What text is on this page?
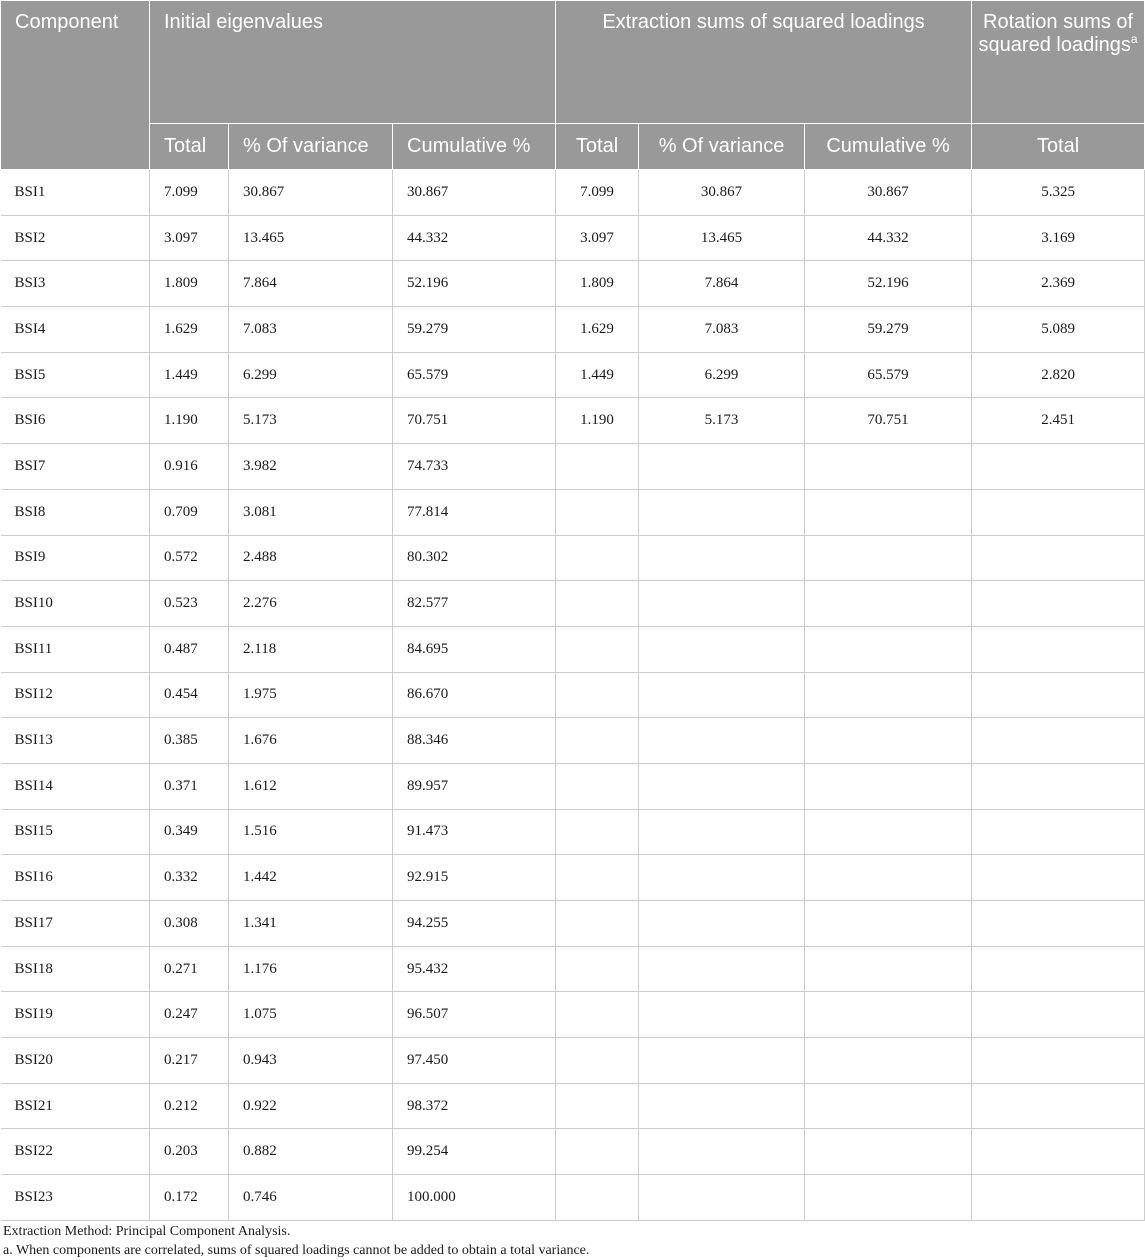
Component	Initial eigenvalues			Extraction sums of squared loadings			Rotation sums of squared loadings$^a$
	Total	% Of variance	Cumulative %	Total	% Of variance	Cumulative %	Total
BSI1	7.099	30.867	30.867	7.099	30.867	30.867	5.325
BSI2	3.097	13.465	44.332	3.097	13.465	44.332	3.169
BSI3	1.809	7.864	52.196	1.809	7.864	52.196	2.369
BSI4	1.629	7.083	59.279	1.629	7.083	59.279	5.089
BSI5	1.449	6.299	65.579	1.449	6.299	65.579	2.820
BSI6	1.190	5.173	70.751	1.190	5.173	70.751	2.451
BSI7	0.916	3.982	74.733				
BSI8	0.709	3.081	77.814				
BSI9	0.572	2.488	80.302				
BSI10	0.523	2.276	82.577				
BSI11	0.487	2.118	84.695				
BSI12	0.454	1.975	86.670				
BSI13	0.385	1.676	88.346				
BSI14	0.371	1.612	89.957				
BSI15	0.349	1.516	91.473				
BSI16	0.332	1.442	92.915				
BSI17	0.308	1.341	94.255				
BSI18	0.271	1.176	95.432				
BSI19	0.247	1.075	96.507				
BSI20	0.217	0.943	97.450				
BSI21	0.212	0.922	98.372				
BSI22	0.203	0.882	99.254				
BSI23	0.172	0.746	100.000				
Extraction Method: Principal Component Analysis.
a. When components are correlated, sums of squared loadings cannot be added to obtain a total variance.
